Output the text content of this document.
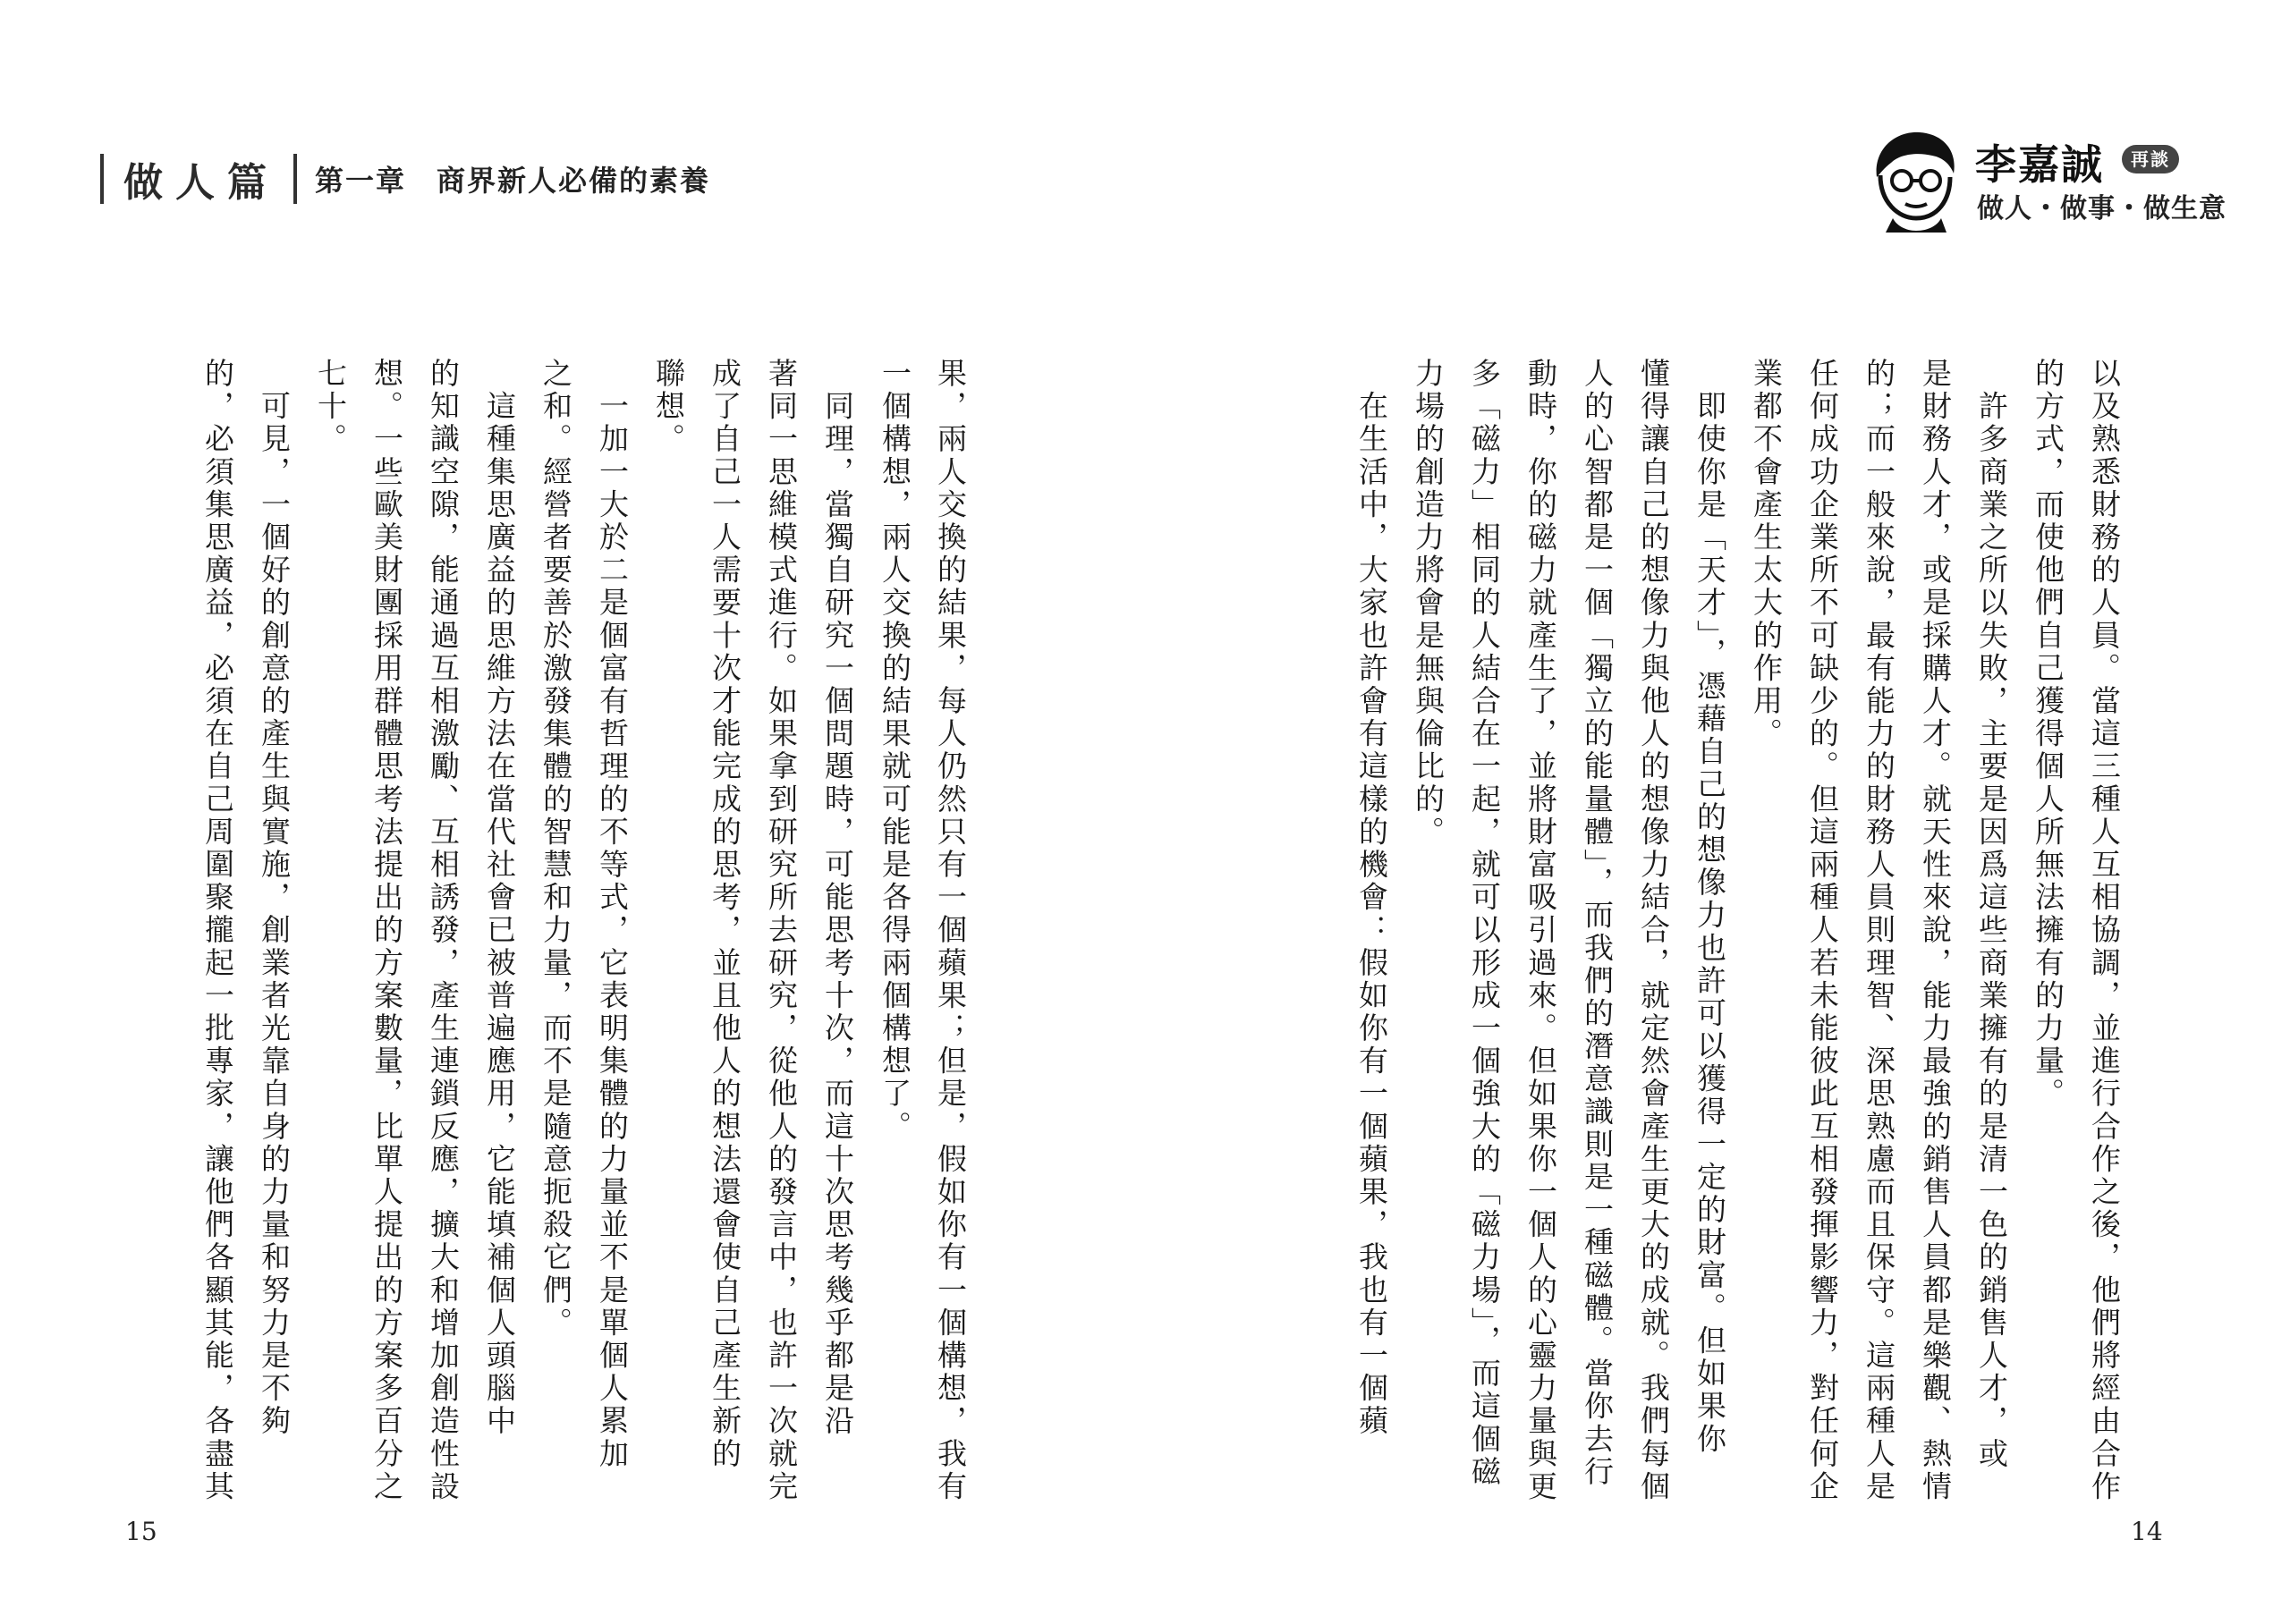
做人篇	第一章　商界新人必備的素養	李嘉誠	再談
做人・做事・做生意
果，兩人交換的結果，每人仍然只有一個蘋果；但是，假如你有一個構想，我有
一個構想，兩人交換的結果就可能是各得兩個構想了。
　同理，當獨自研究一個問題時，可能思考十次，而這十次思考幾乎都是沿
著同一思維模式進行。如果拿到研究所去研究，從他人的發言中，也許一次就完
成了自己一人需要十次才能完成的思考，並且他人的想法還會使自己產生新的
聯想。
　一加一大於二是個富有哲理的不等式，它表明集體的力量並不是單個人累加
之和。經營者要善於激發集體的智慧和力量，而不是隨意扼殺它們。
　這種集思廣益的思維方法在當代社會已被普遍應用，它能填補個人頭腦中
的知識空隙，能通過互相激勵、互相誘發，產生連鎖反應，擴大和增加創造性設
想。一些歐美財團採用群體思考法提出的方案數量，比單人提出的方案多百分之
七十。
　可見，一個好的創意的產生與實施，創業者光靠自身的力量和努力是不夠
的，必須集思廣益，必須在自己周圍聚攏起一批專家，讓他們各顯其能，各盡其	以及熟悉財務的人員。當這三種人互相協調，並進行合作之後，他們將經由合作
的方式，而使他們自己獲得個人所無法擁有的力量。
　許多商業之所以失敗，主要是因爲這些商業擁有的是清一色的銷售人才，或
是財務人才，或是採購人才。就天性來說，能力最強的銷售人員都是樂觀、熱情
的；而一般來說，最有能力的財務人員則理智、深思熟慮而且保守。這兩種人是
任何成功企業所不可缺少的。但這兩種人若未能彼此互相發揮影響力，對任何企
業都不會產生太大的作用。
　即使你是「天才」，憑藉自己的想像力也許可以獲得一定的財富。但如果你
懂得讓自己的想像力與他人的想像力結合，就定然會產生更大的成就。我們每個
人的心智都是一個「獨立的能量體」，而我們的潛意識則是一種磁體。當你去行
動時，你的磁力就產生了，並將財富吸引過來。但如果你一個人的心靈力量與更
多「磁力」相同的人結合在一起，就可以形成一個強大的「磁力場」，而這個磁
力場的創造力將會是無與倫比的。
　在生活中，大家也許會有這樣的機會：假如你有一個蘋果，我也有一個蘋
15	14
